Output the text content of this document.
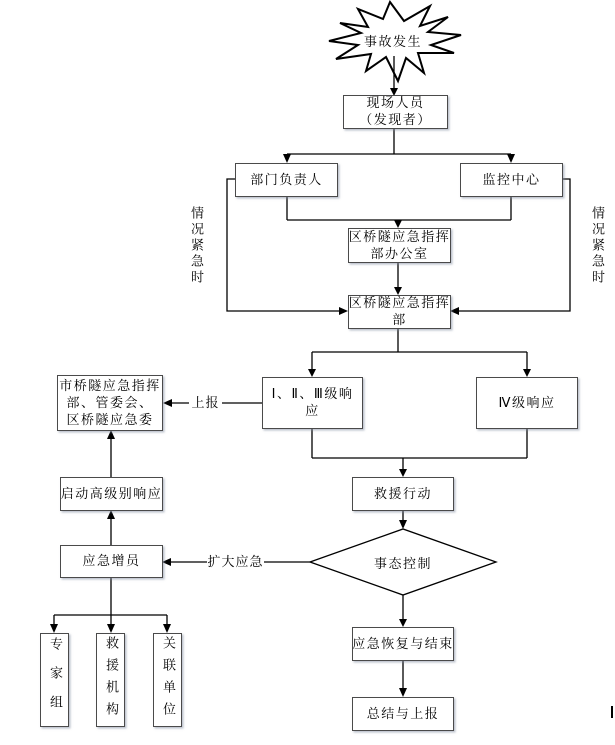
事故发生
现场人员
（发现者）
部门负责人	监控中心
区桥隧应急指挥
部办公室
区桥隧应急指挥
部
Ⅰ、Ⅱ、Ⅲ级响
应
Ⅳ级响应
市桥隧应急指挥
部、管委会、
区桥隧应急委
启动高级别响应
应急增员
救援行动
应急恢复与结束
总结与上报
专家组	救援机构	关联单位
事态控制
上报
扩大应急
情况紧急时	情况紧急时
